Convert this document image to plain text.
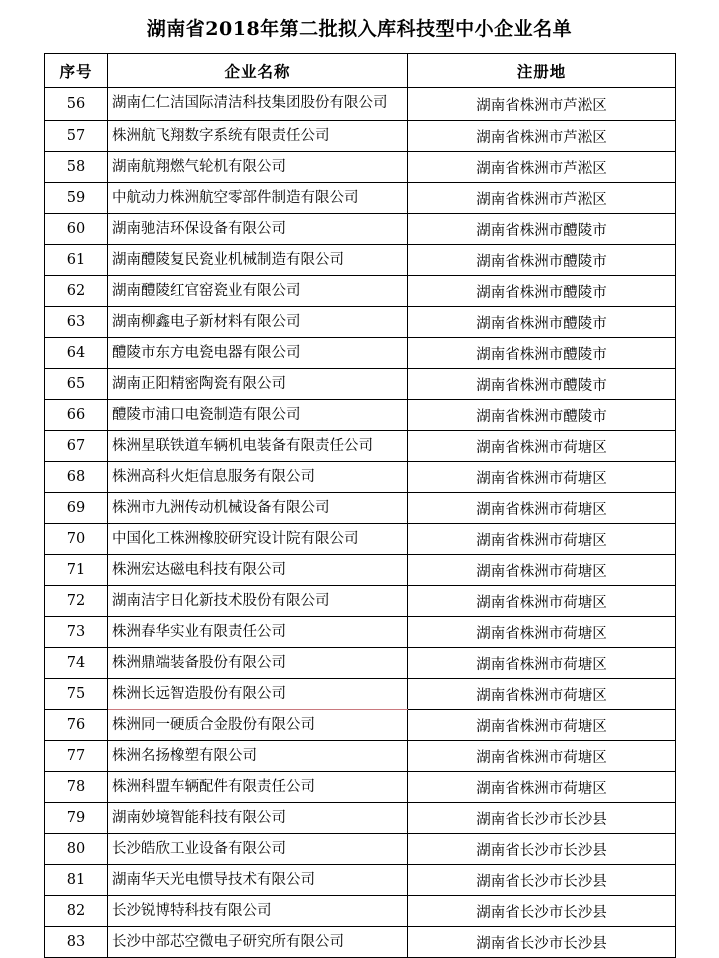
湖南省2018年第二批拟入库科技型中小企业名单
序号	企业名称	注册地
56	湖南仁仁洁国际清洁科技集团股份有限公司	湖南省株洲市芦淞区
57	株洲航飞翔数字系统有限责任公司	湖南省株洲市芦淞区
58	湖南航翔燃气轮机有限公司	湖南省株洲市芦淞区
59	中航动力株洲航空零部件制造有限公司	湖南省株洲市芦淞区
60	湖南驰洁环保设备有限公司	湖南省株洲市醴陵市
61	湖南醴陵复民瓷业机械制造有限公司	湖南省株洲市醴陵市
62	湖南醴陵红官窑瓷业有限公司	湖南省株洲市醴陵市
63	湖南柳鑫电子新材料有限公司	湖南省株洲市醴陵市
64	醴陵市东方电瓷电器有限公司	湖南省株洲市醴陵市
65	湖南正阳精密陶瓷有限公司	湖南省株洲市醴陵市
66	醴陵市浦口电瓷制造有限公司	湖南省株洲市醴陵市
67	株洲星联铁道车辆机电装备有限责任公司	湖南省株洲市荷塘区
68	株洲高科火炬信息服务有限公司	湖南省株洲市荷塘区
69	株洲市九洲传动机械设备有限公司	湖南省株洲市荷塘区
70	中国化工株洲橡胶研究设计院有限公司	湖南省株洲市荷塘区
71	株洲宏达磁电科技有限公司	湖南省株洲市荷塘区
72	湖南洁宇日化新技术股份有限公司	湖南省株洲市荷塘区
73	株洲春华实业有限责任公司	湖南省株洲市荷塘区
74	株洲鼎端装备股份有限公司	湖南省株洲市荷塘区
75	株洲长远智造股份有限公司	湖南省株洲市荷塘区
76	株洲同一硬质合金股份有限公司	湖南省株洲市荷塘区
77	株洲名扬橡塑有限公司	湖南省株洲市荷塘区
78	株洲科盟车辆配件有限责任公司	湖南省株洲市荷塘区
79	湖南妙境智能科技有限公司	湖南省长沙市长沙县
80	长沙皓欣工业设备有限公司	湖南省长沙市长沙县
81	湖南华天光电惯导技术有限公司	湖南省长沙市长沙县
82	长沙锐博特科技有限公司	湖南省长沙市长沙县
83	长沙中部芯空微电子研究所有限公司	湖南省长沙市长沙县
